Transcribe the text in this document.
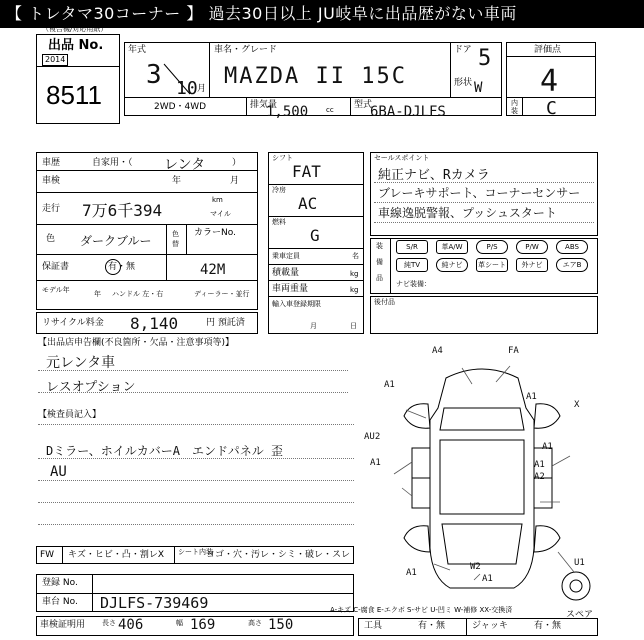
【 トレタマ30コーナー 】 過去30日以上 JU岐阜に出品歴がない車両
（複合機/対応用紙）
出品 No.
2014
8511
年式
3 10 月
車名・グレード
MAZDA II 15C
ドア 5
形状 W
2WD・4WD	排気量
1,500	cc 型式
6BA-DJLFS
評価点
4
内
装 C
車歴	自家用・（ レンタ	）
車検	年	月
走行 7万6千394
km
マイル
色 ダークブルー	色
替
カラーNo.
42M
保証書	有・無
モデル年	年 ハンドル 左・右	ディーラー・並行
リサイクル料金 8,140	円 預託済
シフト
FAT
冷房
AC
燃料
G
乗車定員	名
積載量	kg
車両重量	kg
輸入車登録期限
月	日
セールスポイント
純正ナビ、Rカメラ
ブレーキサポート、コーナーセンサー
車線逸脱警報、プッシュスタート
装
備
品
S/R	革A/W	P/S	P/W	ABS
純TV	純ナビ	革シート	外ナビ	エアB
ナビ装備：
後付品
【出品店申告欄(不良箇所・欠品・注意事項等)】
元レンタ車
レスオプション
【検査員記入】
Dミラー、ホイルカバーA　エンドパネル 歪
AU
A4	FA
A1
AU2
A1
A1
A2
A1
W2
A1
U1
X
A1
A1
スペア
FW キズ・ヒビ・凸・割レX シート内装
ヨゴ・穴・汚レ・シミ・破レ・スレ
登録 No.
車台 No. DJLFS-739469
車検証明用 長さ 406	幅 169	高さ 150
A-キズ C-腐食 E-エクボ S-サビ U-凹ミ W-補修 XX-交換済
工具	有・無	ジャッキ	有・無
